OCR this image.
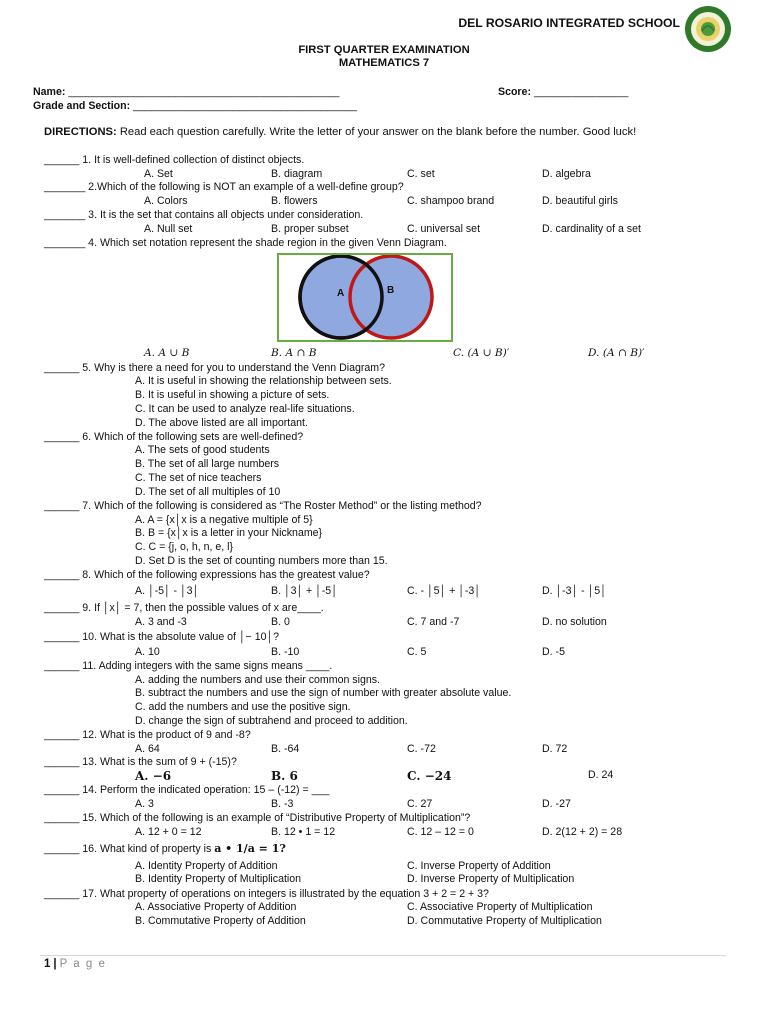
DEL ROSARIO INTEGRATED SCHOOL
FIRST QUARTER EXAMINATION
MATHEMATICS 7
Name: ______________________________________________	Score: ________________
Grade and Section: ______________________________________
DIRECTIONS: Read each question carefully. Write the letter of your answer on the blank before the number. Good luck!
______ 1. It is well-defined collection of distinct objects.
A. Set	B. diagram	C. set	D. algebra
_______ 2.Which of the following is NOT an example of a well-define group?
A. Colors	B. flowers	C. shampoo brand	D. beautiful girls
_______ 3. It is the set that contains all objects under consideration.
A. Null set	B. proper subset	C. universal set	D. cardinality of a set
_______ 4. Which set notation represent the shade region in the given Venn Diagram.
A	B
A. A ∪ B	B. A ∩ B	C. (A ∪ B)′	D. (A ∩ B)′
______ 5. Why is there a need for you to understand the Venn Diagram?
A. It is useful in showing the relationship between sets.
B. It is useful in showing a picture of sets.
C. It can be used to analyze real-life situations.
D. The above listed are all important.
______ 6. Which of the following sets are well-defined?
A. The sets of good students
B. The set of all large numbers
C. The set of nice teachers
D. The set of all multiples of 10
______ 7. Which of the following is considered as “The Roster Method” or the listing method?
A. A = {x│x is a negative multiple of 5}
B. B = {x│x is a letter in your Nickname}
C. C = {j, o, h, n, e, l}
D. Set D is the set of counting numbers more than 15.
______ 8. Which of the following expressions has the greatest value?
A. │-5│ - │3│	B. │3│ + │-5│	C. - │5│ + │-3│	D. │-3│ - │5│
______ 9. If │x│ = 7, then the possible values of x are____.
A. 3 and -3	B. 0	C. 7 and -7	D. no solution
______ 10. What is the absolute value of │− 10│?
A. 10	B. -10	C. 5	D. -5
______ 11. Adding integers with the same signs means ____.
A. adding the numbers and use their common signs.
B. subtract the numbers and use the sign of number with greater absolute value.
C. add the numbers and use the positive sign.
D. change the sign of subtrahend and proceed to addition.
______ 12. What is the product of 9 and -8?
A. 64	B. -64	C. -72	D. 72
______ 13. What is the sum of 9 + (-15)?
A. −6	B. 6	C. −24	D. 24
______ 14. Perform the indicated operation: 15 – (-12) = ___
A. 3	B. -3	C. 27	D. -27
______ 15. Which of the following is an example of “Distributive Property of Multiplication”?
A. 12 + 0 = 12	B. 12 • 1 = 12	C. 12 – 12 = 0	D. 2(12 + 2) = 28
______ 16. What kind of property is a • 1/a = 1?
A. Identity Property of Addition
B. Identity Property of Multiplication
C. Inverse Property of Addition
D. Inverse Property of Multiplication
______ 17. What property of operations on integers is illustrated by the equation 3 + 2 = 2 + 3?
A. Associative Property of Addition
B. Commutative Property of Addition
C. Associative Property of Multiplication
D. Commutative Property of Multiplication
1 | P a g e
